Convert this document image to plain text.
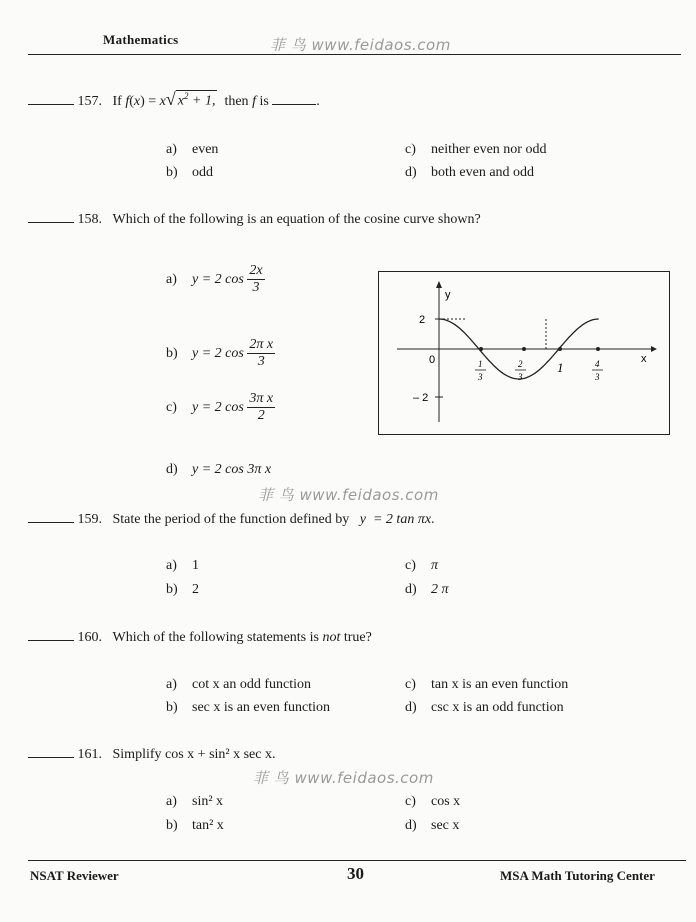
Mathematics	菲 鸟 www.feidaos.com
157. If f(x) = x √ $x^2 + 1$, then f is	.
a) even
b) odd
c) neither even nor odd
d) both even and odd
158. Which of the following is an equation of the cosine curve shown?
a)	y = 2 $\cos \frac{2x}{3}$
b)	y = 2 $\cos \frac{\text{2π x}}{3}$
c)	y = 2 $\cos \frac{\text{3π x}}{2}$
d) y = 2 cos 3π x
y
x
2
– 2
0	1
3
2
3
1	4
3
菲 鸟 www.feidaos.com
159. State the period of the function defined by y  = 2 tan πx.
a) 1
b) 2
c) π
d) 2 π
160. Which of the following statements is not true?
a) cot x an odd function
b) sec x is an even function
c) tan x is an even function
d) csc x is an odd function
161. Simplify cos x + sin² x sec x.
菲 鸟 www.feidaos.com
a) sin² x
b) tan² x
c) cos x
d) sec x
NSAT Reviewer	30	MSA Math Tutoring Center
